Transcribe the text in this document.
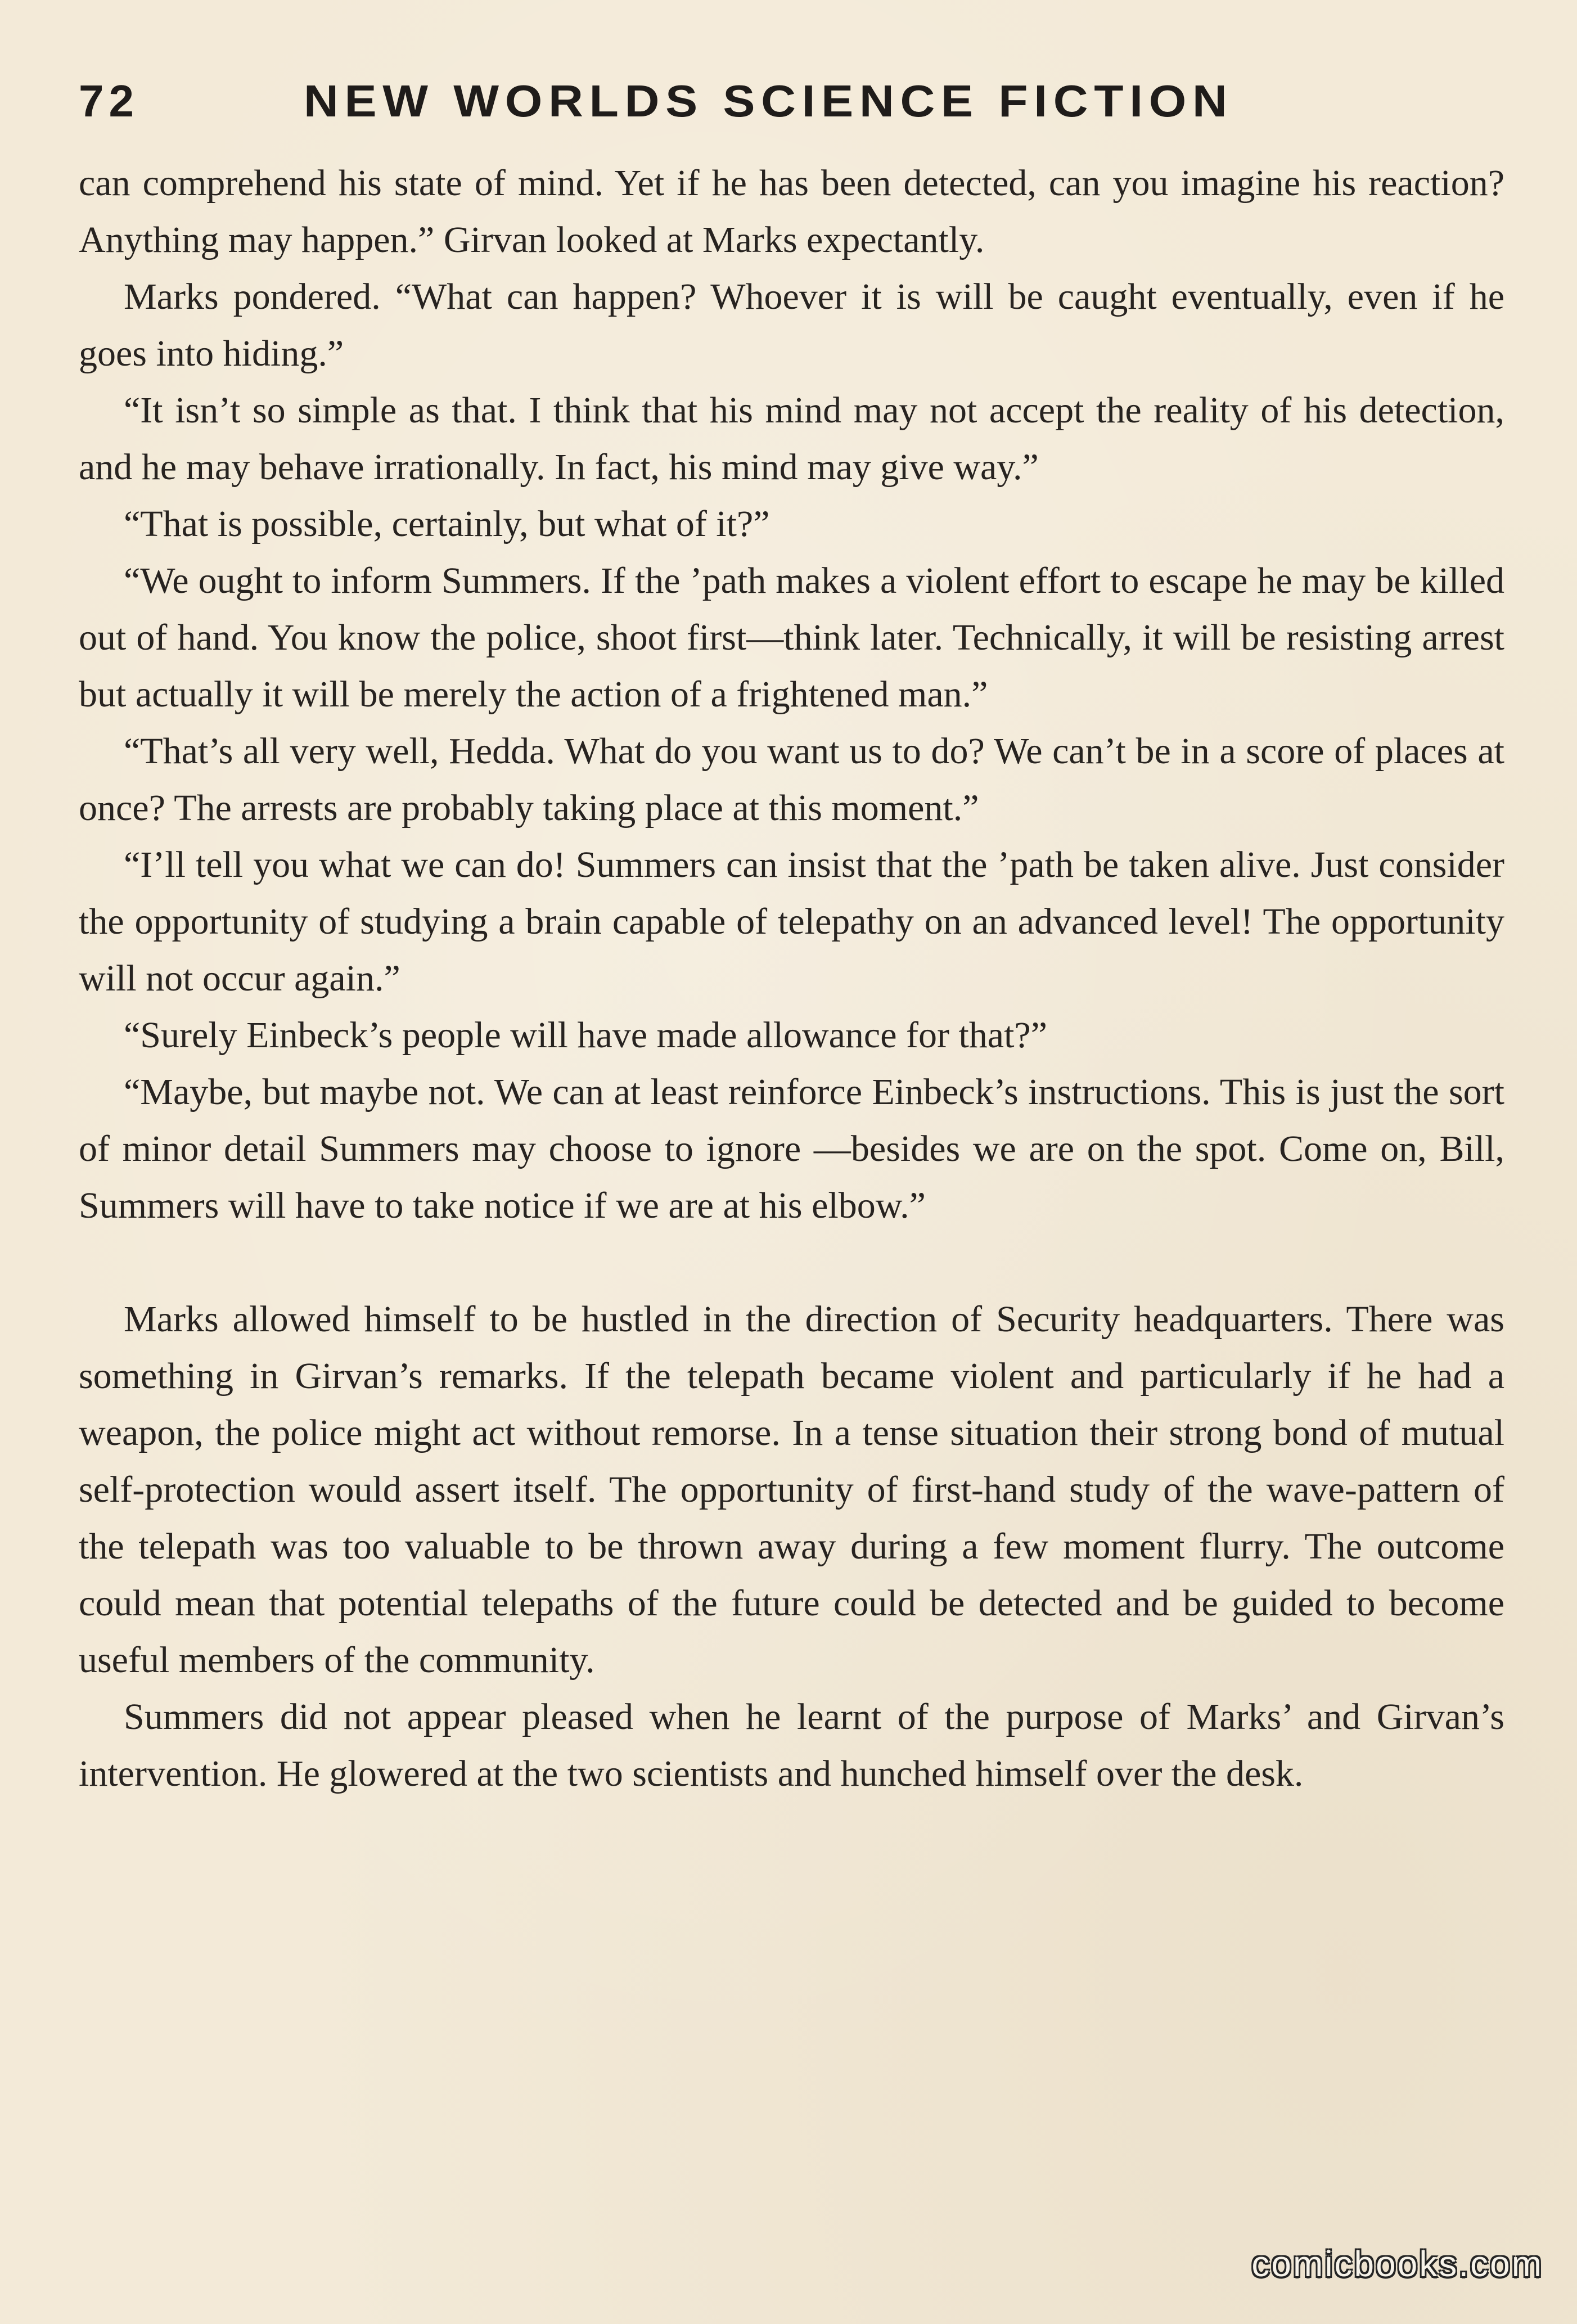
72	NEW WORLDS SCIENCE FICTION

can comprehend his state of mind. Yet if he has been detected, can you imagine his reaction? Anything may happen.” Girvan looked at Marks expectantly.

Marks pondered. “What can happen? Whoever it is will be caught eventually, even if he goes into hiding.”

“It isn’t so simple as that. I think that his mind may not accept the reality of his detection, and he may behave irrationally. In fact, his mind may give way.”

“That is possible, certainly, but what of it?”

“We ought to inform Summers. If the ’path makes a violent effort to escape he may be killed out of hand. You know the police, shoot first—think later. Technically, it will be resisting arrest but actually it will be merely the action of a frightened man.”

“That’s all very well, Hedda. What do you want us to do? We can’t be in a score of places at once? The arrests are probably taking place at this moment.”

“I’ll tell you what we can do! Summers can insist that the ’path be taken alive. Just consider the opportunity of studying a brain capable of telepathy on an advanced level! The opportunity will not occur again.”

“Surely Einbeck’s people will have made allowance for that?”

“Maybe, but maybe not. We can at least reinforce Einbeck’s instructions. This is just the sort of minor detail Summers may choose to ignore —besides we are on the spot. Come on, Bill, Summers will have to take notice if we are at his elbow.”

Marks allowed himself to be hustled in the direction of Security headquarters. There was something in Girvan’s remarks. If the telepath became violent and particularly if he had a weapon, the police might act without remorse. In a tense situation their strong bond of mutual self-protection would assert itself. The opportunity of first-hand study of the wave-pattern of the telepath was too valuable to be thrown away during a few moment flurry. The outcome could mean that potential telepaths of the future could be detected and be guided to become useful members of the community.

Summers did not appear pleased when he learnt of the purpose of Marks’ and Girvan’s intervention. He glowered at the two scientists and hunched himself over the desk.

comicbooks.com
